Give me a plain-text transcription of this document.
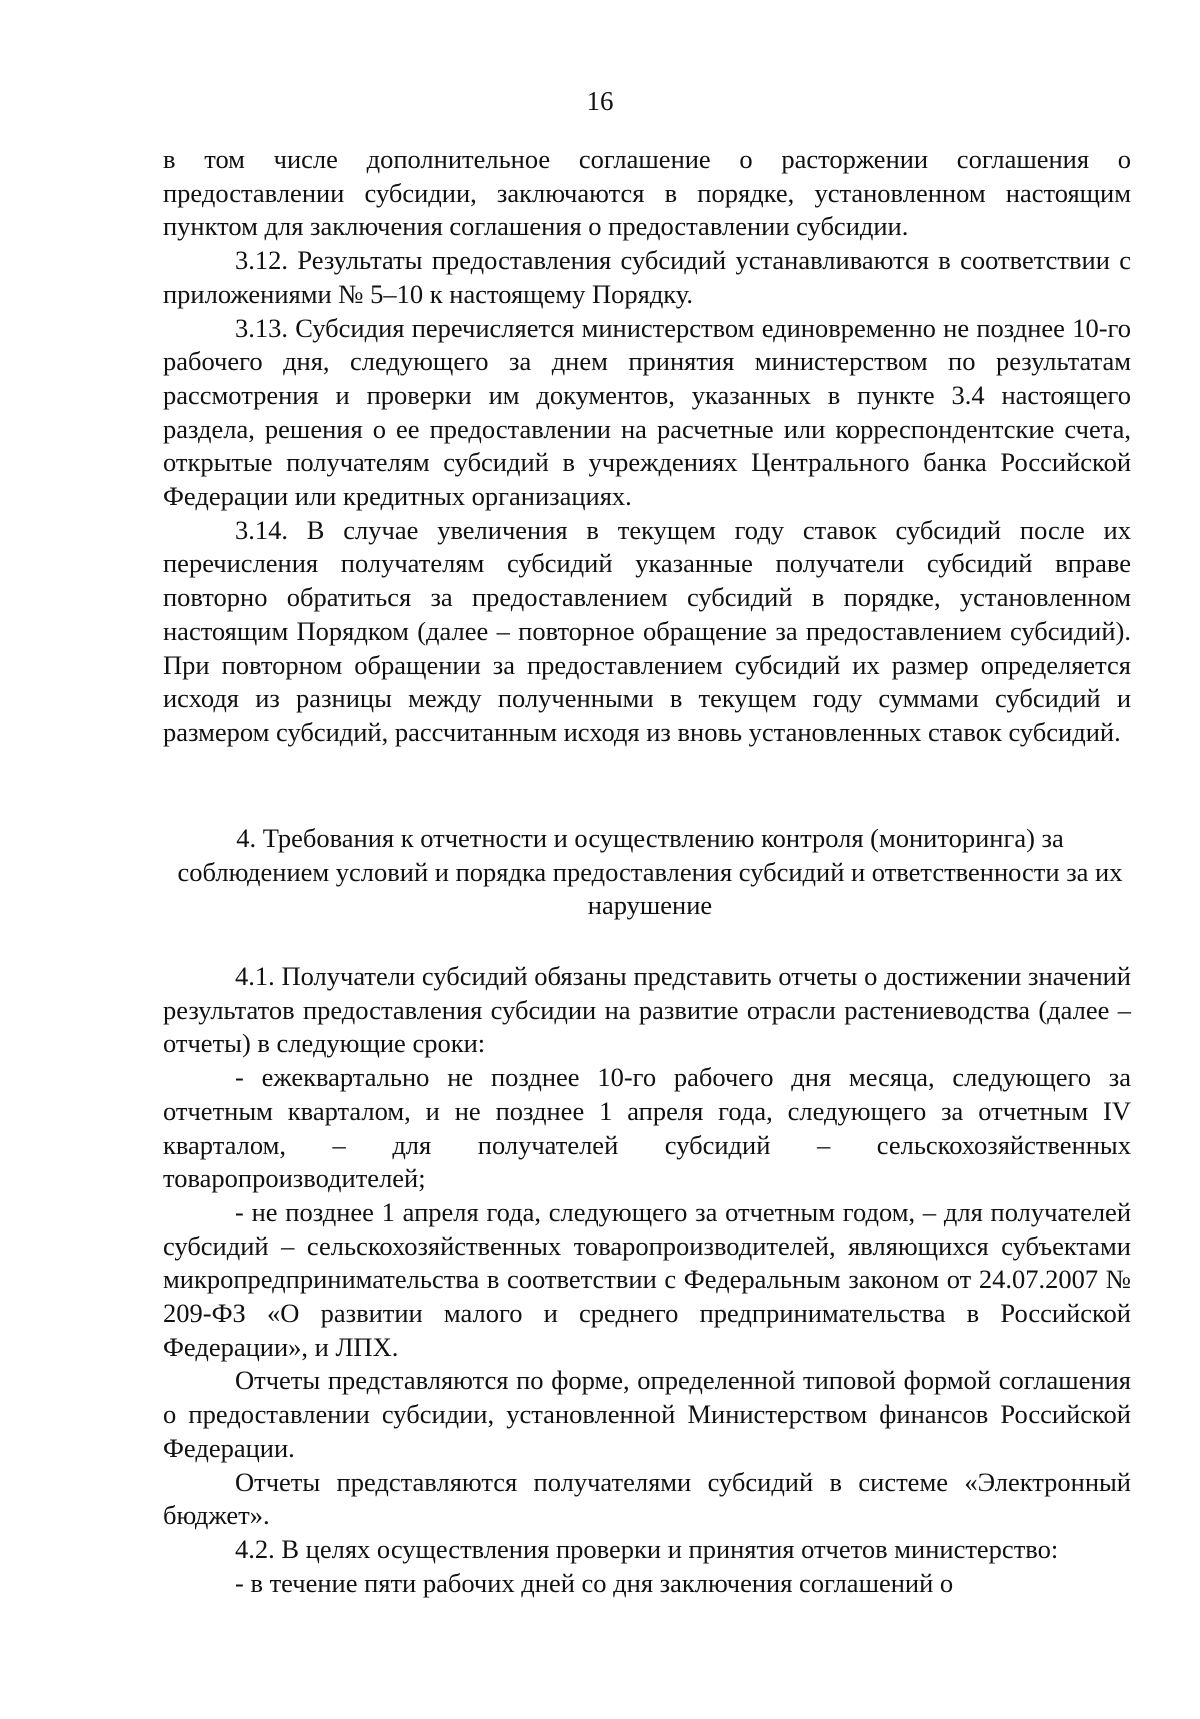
16

в том числе дополнительное соглашение о расторжении соглашения о предоставлении субсидии, заключаются в порядке, установленном настоящим пунктом для заключения соглашения о предоставлении субсидии.

3.12. Результаты предоставления субсидий устанавливаются в соответствии с приложениями № 5–10 к настоящему Порядку.

3.13. Субсидия перечисляется министерством единовременно не позднее 10-го рабочего дня, следующего за днем принятия министерством по результатам рассмотрения и проверки им документов, указанных в пункте 3.4 настоящего раздела, решения о ее предоставлении на расчетные или корреспондентские счета, открытые получателям субсидий в учреждениях Центрального банка Российской Федерации или кредитных организациях.

3.14. В случае увеличения в текущем году ставок субсидий после их перечисления получателям субсидий указанные получатели субсидий вправе повторно обратиться за предоставлением субсидий в порядке, установленном настоящим Порядком (далее – повторное обращение за предоставлением субсидий). При повторном обращении за предоставлением субсидий их размер определяется исходя из разницы между полученными в текущем году суммами субсидий и размером субсидий, рассчитанным исходя из вновь установленных ставок субсидий.

4. Требования к отчетности и осуществлению контроля (мониторинга) за соблюдением условий и порядка предоставления субсидий и ответственности за их нарушение

4.1. Получатели субсидий обязаны представить отчеты о достижении значений результатов предоставления субсидии на развитие отрасли растениеводства (далее – отчеты) в следующие сроки:

- ежеквартально не позднее 10-го рабочего дня месяца, следующего за отчетным кварталом, и не позднее 1 апреля года, следующего за отчетным IV кварталом, – для получателей субсидий – сельскохозяйственных товаропроизводителей;

- не позднее 1 апреля года, следующего за отчетным годом, – для получателей субсидий – сельскохозяйственных товаропроизводителей, являющихся субъектами микропредпринимательства в соответствии с Федеральным законом от 24.07.2007 № 209-ФЗ «О развитии малого и среднего предпринимательства в Российской Федерации», и ЛПХ.

Отчеты представляются по форме, определенной типовой формой соглашения о предоставлении субсидии, установленной Министерством финансов Российской Федерации.

Отчеты представляются получателями субсидий в системе «Электронный бюджет».

4.2. В целях осуществления проверки и принятия отчетов министерство:

- в течение пяти рабочих дней со дня заключения соглашений о
